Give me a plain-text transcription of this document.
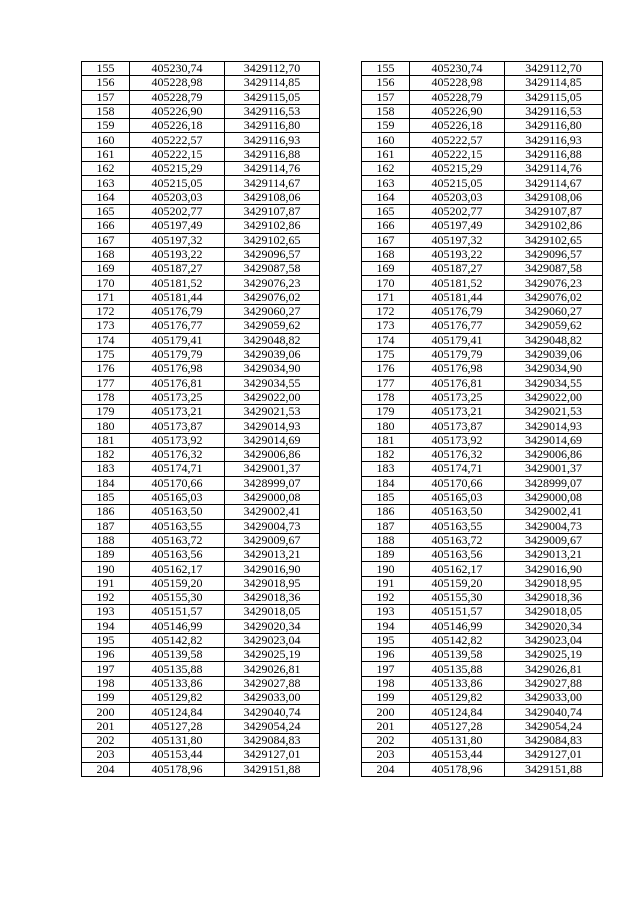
155	405230,74	3429112,70		155	405230,74	3429112,70
156	405228,98	3429114,85		156	405228,98	3429114,85
157	405228,79	3429115,05		157	405228,79	3429115,05
158	405226,90	3429116,53		158	405226,90	3429116,53
159	405226,18	3429116,80		159	405226,18	3429116,80
160	405222,57	3429116,93		160	405222,57	3429116,93
161	405222,15	3429116,88		161	405222,15	3429116,88
162	405215,29	3429114,76		162	405215,29	3429114,76
163	405215,05	3429114,67		163	405215,05	3429114,67
164	405203,03	3429108,06		164	405203,03	3429108,06
165	405202,77	3429107,87		165	405202,77	3429107,87
166	405197,49	3429102,86		166	405197,49	3429102,86
167	405197,32	3429102,65		167	405197,32	3429102,65
168	405193,22	3429096,57		168	405193,22	3429096,57
169	405187,27	3429087,58		169	405187,27	3429087,58
170	405181,52	3429076,23		170	405181,52	3429076,23
171	405181,44	3429076,02		171	405181,44	3429076,02
172	405176,79	3429060,27		172	405176,79	3429060,27
173	405176,77	3429059,62		173	405176,77	3429059,62
174	405179,41	3429048,82		174	405179,41	3429048,82
175	405179,79	3429039,06		175	405179,79	3429039,06
176	405176,98	3429034,90		176	405176,98	3429034,90
177	405176,81	3429034,55		177	405176,81	3429034,55
178	405173,25	3429022,00		178	405173,25	3429022,00
179	405173,21	3429021,53		179	405173,21	3429021,53
180	405173,87	3429014,93		180	405173,87	3429014,93
181	405173,92	3429014,69		181	405173,92	3429014,69
182	405176,32	3429006,86		182	405176,32	3429006,86
183	405174,71	3429001,37		183	405174,71	3429001,37
184	405170,66	3428999,07		184	405170,66	3428999,07
185	405165,03	3429000,08		185	405165,03	3429000,08
186	405163,50	3429002,41		186	405163,50	3429002,41
187	405163,55	3429004,73		187	405163,55	3429004,73
188	405163,72	3429009,67		188	405163,72	3429009,67
189	405163,56	3429013,21		189	405163,56	3429013,21
190	405162,17	3429016,90		190	405162,17	3429016,90
191	405159,20	3429018,95		191	405159,20	3429018,95
192	405155,30	3429018,36		192	405155,30	3429018,36
193	405151,57	3429018,05		193	405151,57	3429018,05
194	405146,99	3429020,34		194	405146,99	3429020,34
195	405142,82	3429023,04		195	405142,82	3429023,04
196	405139,58	3429025,19		196	405139,58	3429025,19
197	405135,88	3429026,81		197	405135,88	3429026,81
198	405133,86	3429027,88		198	405133,86	3429027,88
199	405129,82	3429033,00		199	405129,82	3429033,00
200	405124,84	3429040,74		200	405124,84	3429040,74
201	405127,28	3429054,24		201	405127,28	3429054,24
202	405131,80	3429084,83		202	405131,80	3429084,83
203	405153,44	3429127,01		203	405153,44	3429127,01
204	405178,96	3429151,88		204	405178,96	3429151,88
